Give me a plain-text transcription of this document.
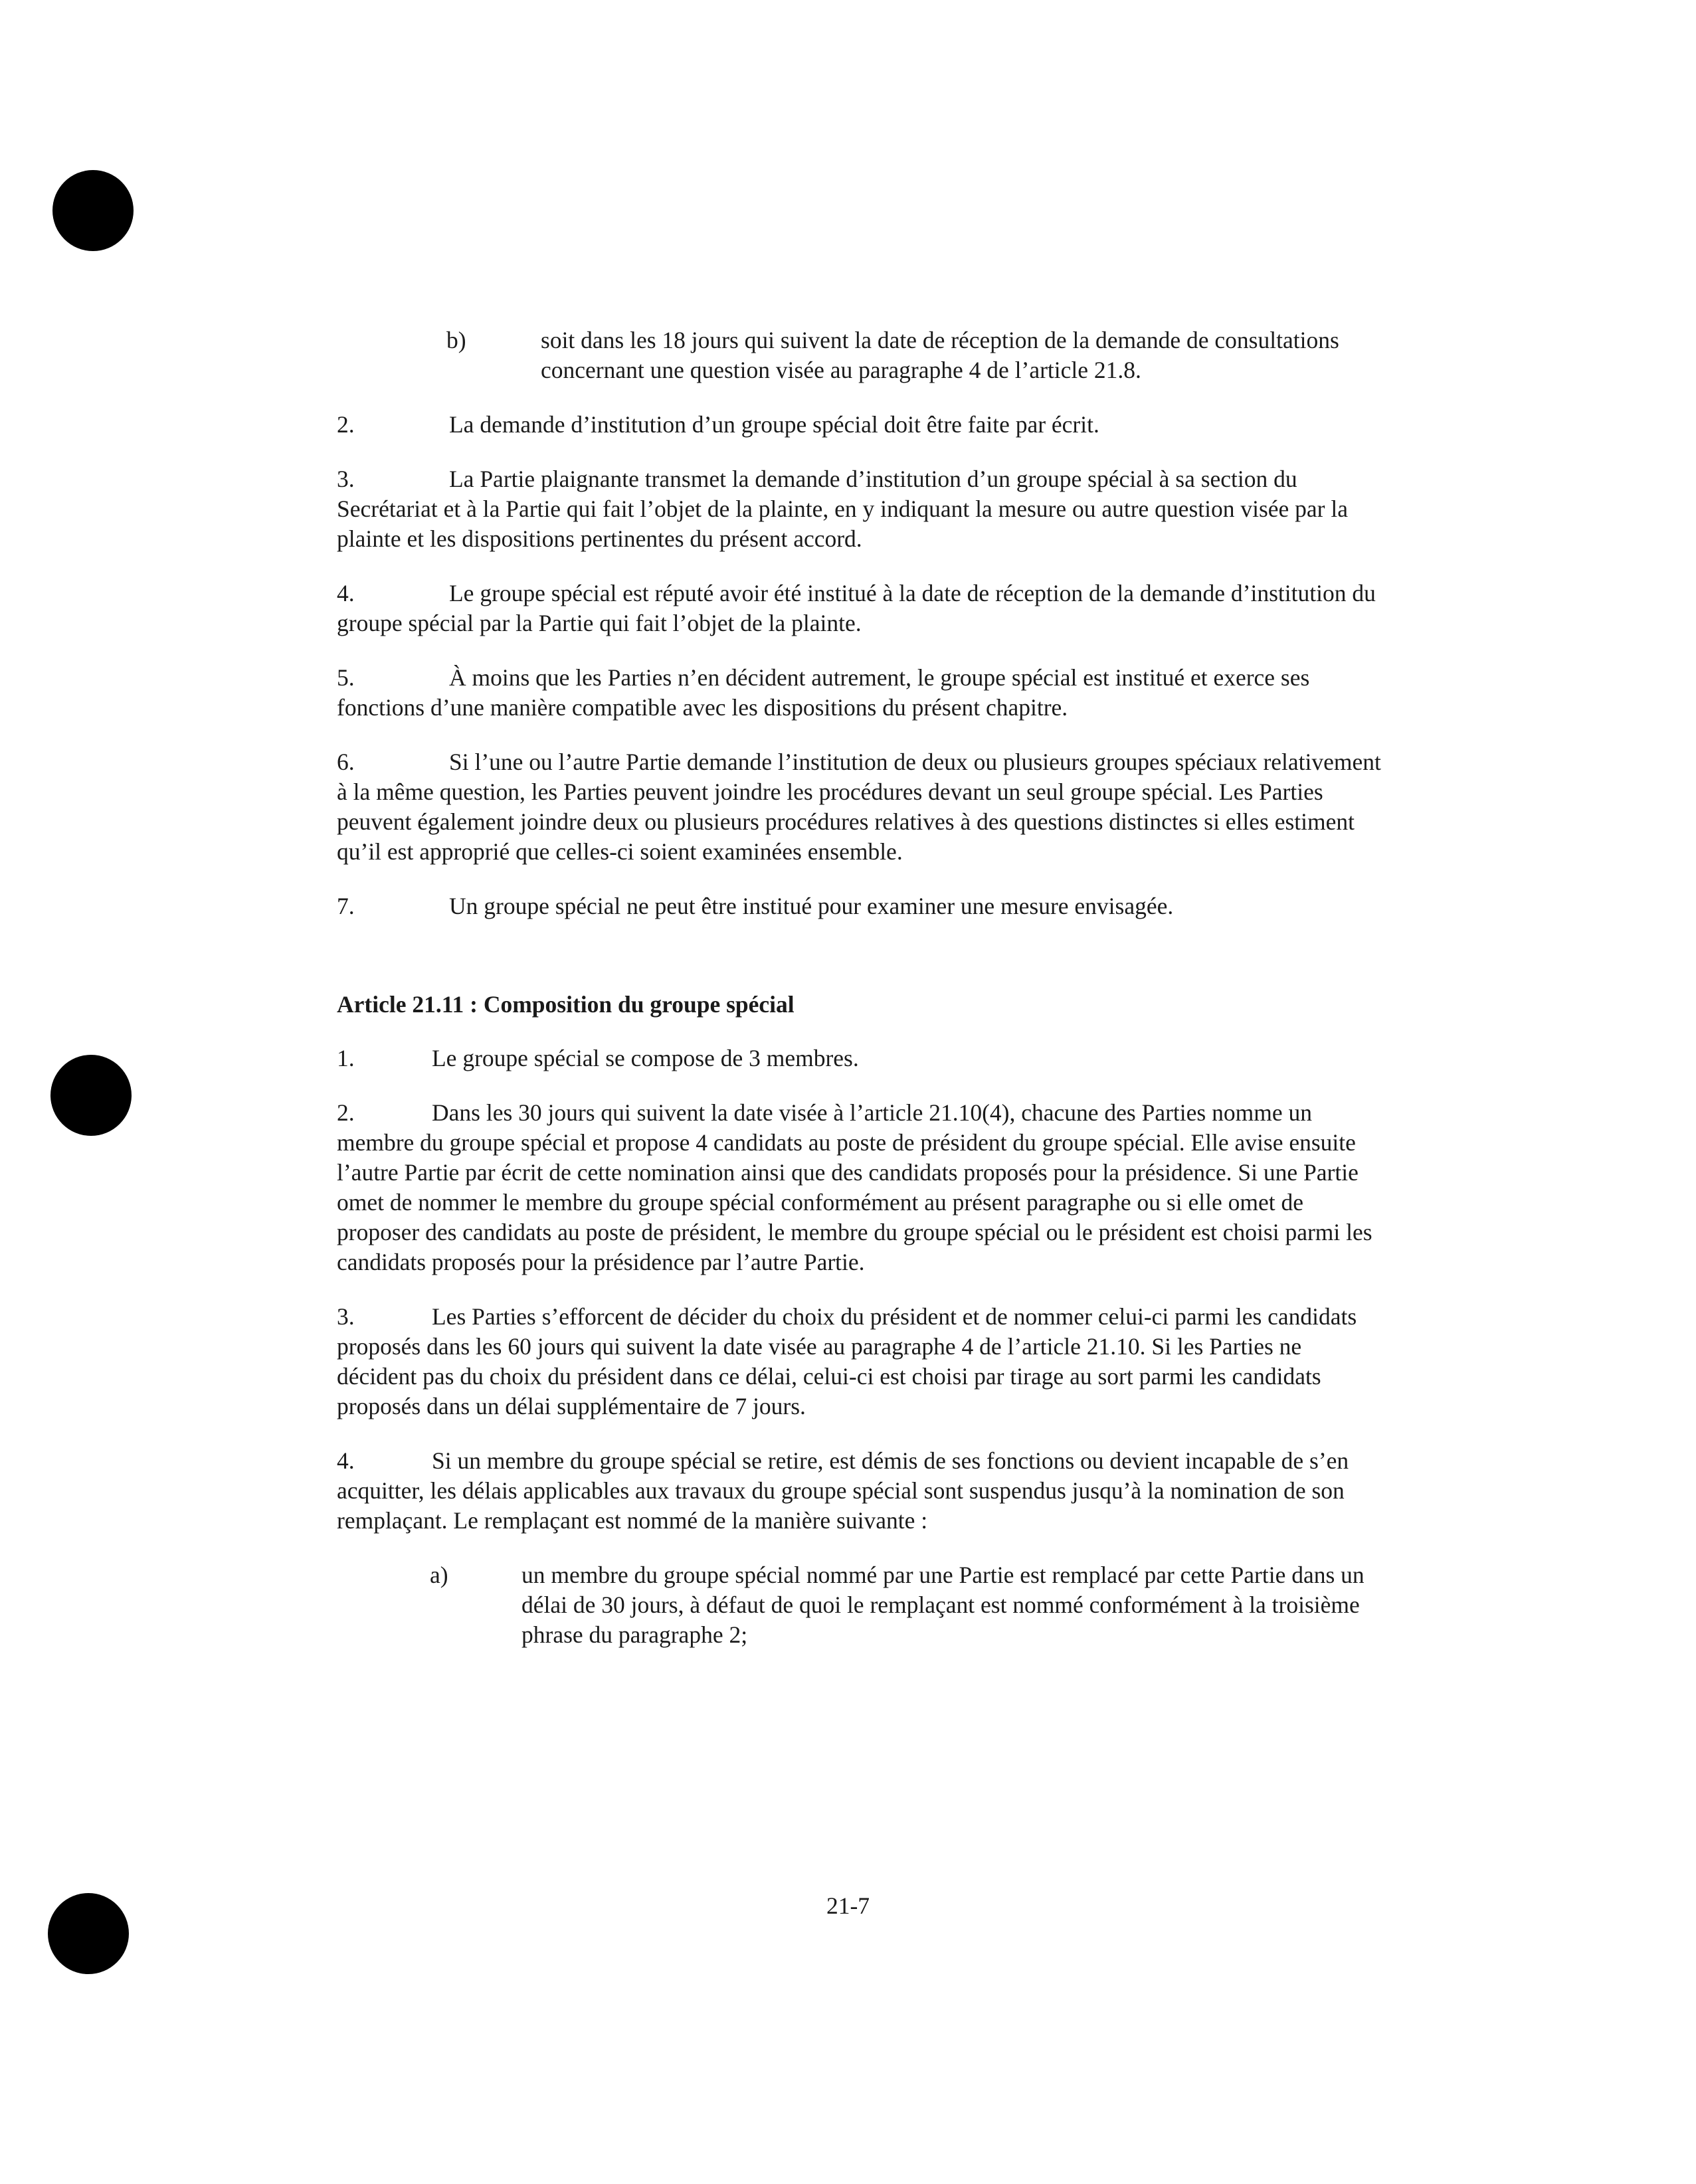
b)	soit dans les 18 jours qui suivent la date de réception de la demande de consultations concernant une question visée au paragraphe 4 de l’article 21.8.

2.	La demande d’institution d’un groupe spécial doit être faite par écrit.

3.	La Partie plaignante transmet la demande d’institution d’un groupe spécial à sa section du Secrétariat et à la Partie qui fait l’objet de la plainte, en y indiquant la mesure ou autre question visée par la plainte et les dispositions pertinentes du présent accord.

4.	Le groupe spécial est réputé avoir été institué à la date de réception de la demande d’institution du groupe spécial par la Partie qui fait l’objet de la plainte.

5.	À moins que les Parties n’en décident autrement, le groupe spécial est institué et exerce ses fonctions d’une manière compatible avec les dispositions du présent chapitre.

6.	Si l’une ou l’autre Partie demande l’institution de deux ou plusieurs groupes spéciaux relativement à la même question, les Parties peuvent joindre les procédures devant un seul groupe spécial. Les Parties peuvent également joindre deux ou plusieurs procédures relatives à des questions distinctes si elles estiment qu’il est approprié que celles-ci soient examinées ensemble.

7.	Un groupe spécial ne peut être institué pour examiner une mesure envisagée.

Article 21.11 : Composition du groupe spécial

1.	Le groupe spécial se compose de 3 membres.

2.	Dans les 30 jours qui suivent la date visée à l’article 21.10(4), chacune des Parties nomme un membre du groupe spécial et propose 4 candidats au poste de président du groupe spécial. Elle avise ensuite l’autre Partie par écrit de cette nomination ainsi que des candidats proposés pour la présidence. Si une Partie omet de nommer le membre du groupe spécial conformément au présent paragraphe ou si elle omet de proposer des candidats au poste de président, le membre du groupe spécial ou le président est choisi parmi les candidats proposés pour la présidence par l’autre Partie.

3.	Les Parties s’efforcent de décider du choix du président et de nommer celui-ci parmi les candidats proposés dans les 60 jours qui suivent la date visée au paragraphe 4 de l’article 21.10. Si les Parties ne décident pas du choix du président dans ce délai, celui-ci est choisi par tirage au sort parmi les candidats proposés dans un délai supplémentaire de 7 jours.

4.	Si un membre du groupe spécial se retire, est démis de ses fonctions ou devient incapable de s’en acquitter, les délais applicables aux travaux du groupe spécial sont suspendus jusqu’à la nomination de son remplaçant. Le remplaçant est nommé de la manière suivante :

a)	un membre du groupe spécial nommé par une Partie est remplacé par cette Partie dans un délai de 30 jours, à défaut de quoi le remplaçant est nommé conformément à la troisième phrase du paragraphe 2;
21-7
